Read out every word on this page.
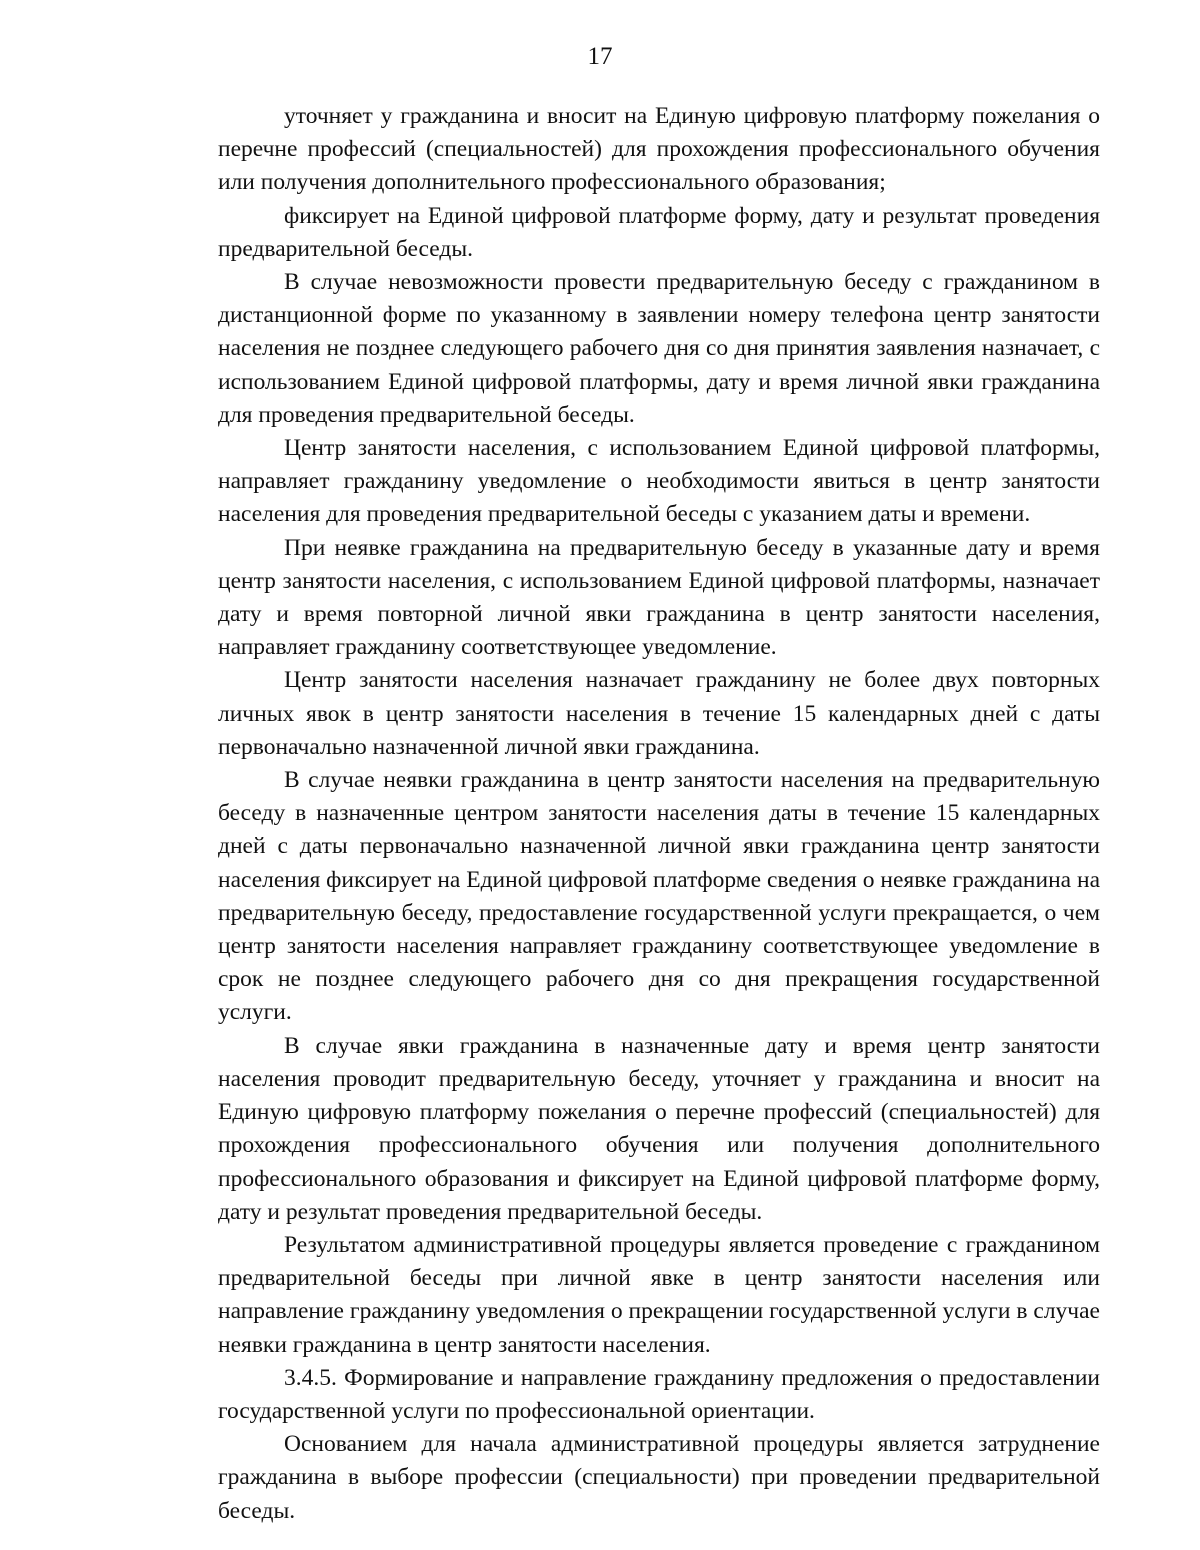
17

уточняет у гражданина и вносит на Единую цифровую платформу пожелания о перечне профессий (специальностей) для прохождения профессионального обучения или получения дополнительного профессионального образования;

фиксирует на Единой цифровой платформе форму, дату и результат проведения предварительной беседы.

В случае невозможности провести предварительную беседу с гражданином в дистанционной форме по указанному в заявлении номеру телефона центр занятости населения не позднее следующего рабочего дня со дня принятия заявления назначает, с использованием Единой цифровой платформы, дату и время личной явки гражданина для проведения предварительной беседы.

Центр занятости населения, с использованием Единой цифровой платформы, направляет гражданину уведомление о необходимости явиться в центр занятости населения для проведения предварительной беседы с указанием даты и времени.

При неявке гражданина на предварительную беседу в указанные дату и время центр занятости населения, с использованием Единой цифровой платформы, назначает дату и время повторной личной явки гражданина в центр занятости населения, направляет гражданину соответствующее уведомление.

Центр занятости населения назначает гражданину не более двух повторных личных явок в центр занятости населения в течение 15 календарных дней с даты первоначально назначенной личной явки гражданина.

В случае неявки гражданина в центр занятости населения на предварительную беседу в назначенные центром занятости населения даты в течение 15 календарных дней с даты первоначально назначенной личной явки гражданина центр занятости населения фиксирует на Единой цифровой платформе сведения о неявке гражданина на предварительную беседу, предоставление государственной услуги прекращается, о чем центр занятости населения направляет гражданину соответствующее уведомление в срок не позднее следующего рабочего дня со дня прекращения государственной услуги.

В случае явки гражданина в назначенные дату и время центр занятости населения проводит предварительную беседу, уточняет у гражданина и вносит на Единую цифровую платформу пожелания о перечне профессий (специальностей) для прохождения профессионального обучения или получения дополнительного профессионального образования и фиксирует на Единой цифровой платформе форму, дату и результат проведения предварительной беседы.

Результатом административной процедуры является проведение с гражданином предварительной беседы при личной явке в центр занятости населения или направление гражданину уведомления о прекращении государственной услуги в случае неявки гражданина в центр занятости населения.

3.4.5. Формирование и направление гражданину предложения о предоставлении государственной услуги по профессиональной ориентации.

Основанием для начала административной процедуры является затруднение гражданина в выборе профессии (специальности) при проведении предварительной беседы.
